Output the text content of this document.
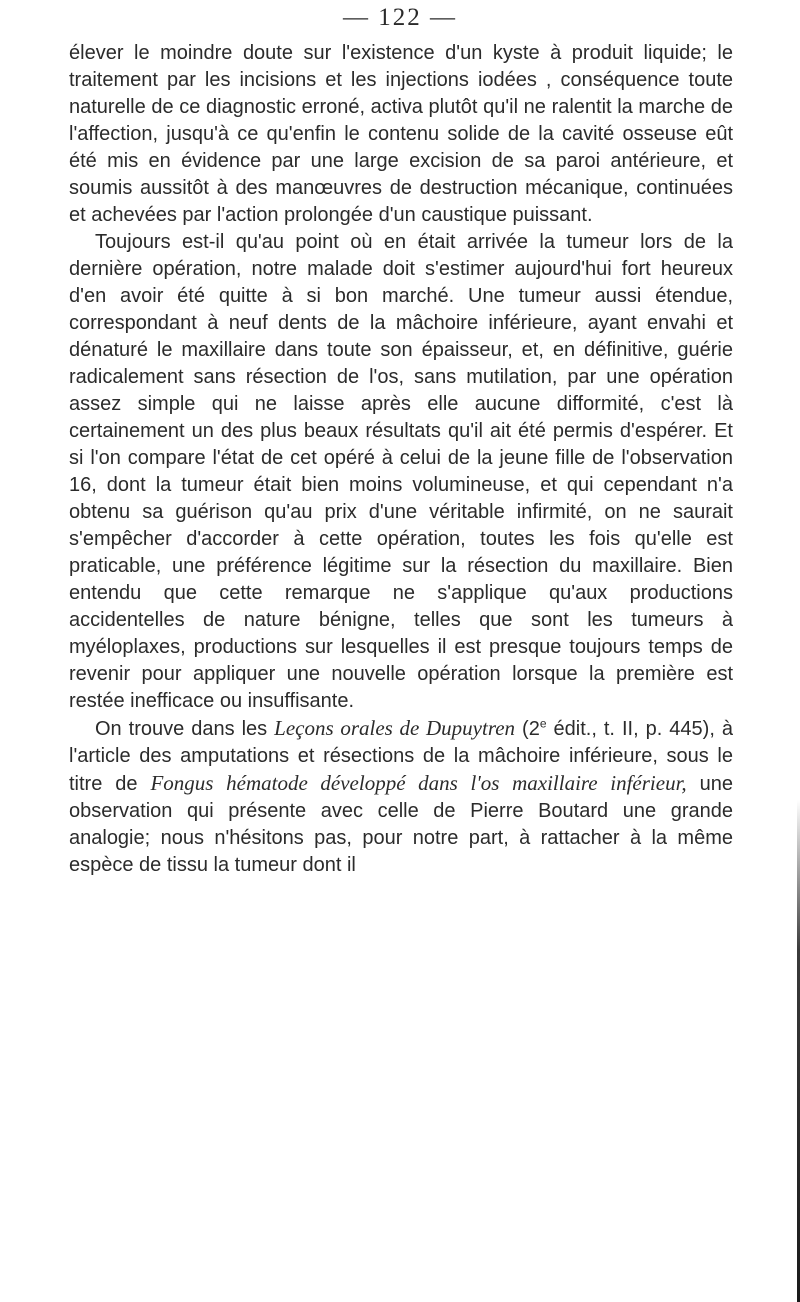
— 122 —

élever le moindre doute sur l'existence d'un kyste à produit liquide; le traitement par les incisions et les injections iodées , conséquence toute naturelle de ce diagnostic erroné, activa plutôt qu'il ne ralentit la marche de l'affection, jusqu'à ce qu'enfin le contenu solide de la cavité osseuse eût été mis en évidence par une large excision de sa paroi antérieure, et soumis aussitôt à des manœuvres de destruction mécanique, continuées et achevées par l'action prolongée d'un caustique puissant.

Toujours est-il qu'au point où en était arrivée la tumeur lors de la dernière opération, notre malade doit s'estimer aujourd'hui fort heureux d'en avoir été quitte à si bon marché. Une tumeur aussi étendue, correspondant à neuf dents de la mâchoire inférieure, ayant envahi et dénaturé le maxillaire dans toute son épaisseur, et, en définitive, guérie radicalement sans résection de l'os, sans mutilation, par une opération assez simple qui ne laisse après elle aucune difformité, c'est là certainement un des plus beaux résultats qu'il ait été permis d'espérer. Et si l'on compare l'état de cet opéré à celui de la jeune fille de l'observation 16, dont la tumeur était bien moins volumineuse, et qui cependant n'a obtenu sa guérison qu'au prix d'une véritable infirmité, on ne saurait s'empêcher d'accorder à cette opération, toutes les fois qu'elle est praticable, une préférence légitime sur la résection du maxillaire. Bien entendu que cette remarque ne s'applique qu'aux productions accidentelles de nature bénigne, telles que sont les tumeurs à myéloplaxes, productions sur lesquelles il est presque toujours temps de revenir pour appliquer une nouvelle opération lorsque la première est restée inefficace ou insuffisante.

On trouve dans les Leçons orales de Dupuytren (2e édit., t. II, p. 445), à l'article des amputations et résections de la mâchoire inférieure, sous le titre de Fongus hématode développé dans l'os maxillaire inférieur, une observation qui présente avec celle de Pierre Boutard une grande analogie; nous n'hésitons pas, pour notre part, à rattacher à la même espèce de tissu la tumeur dont il
